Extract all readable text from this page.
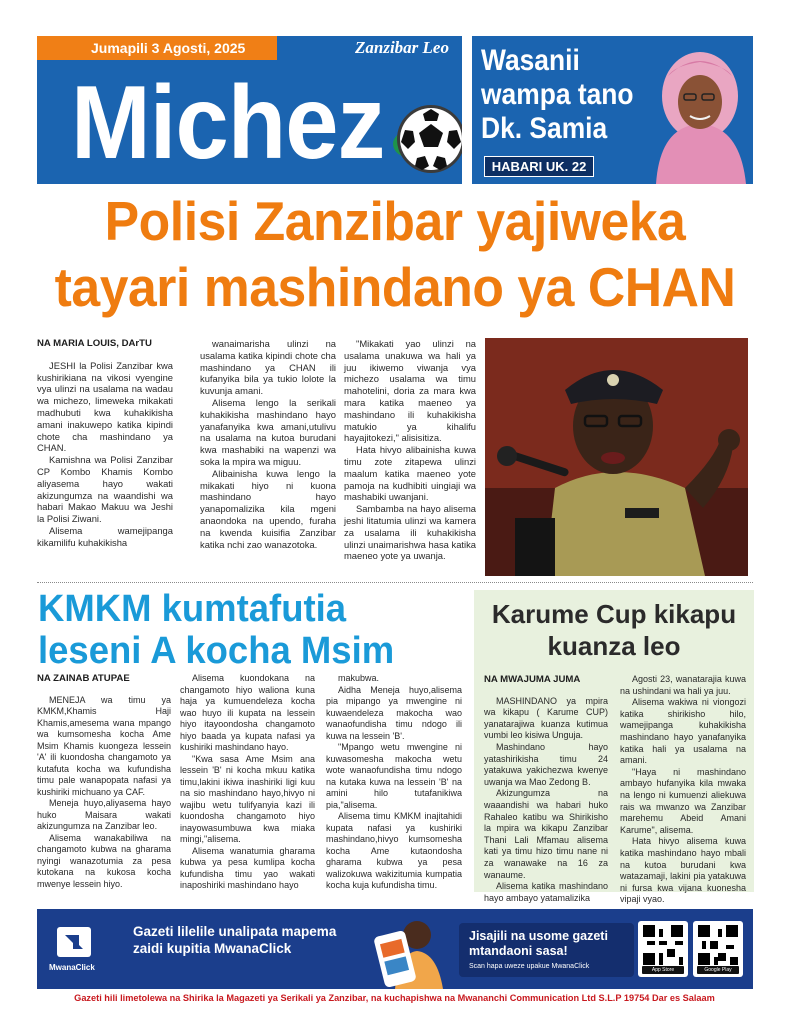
Jumapili 3 Agosti, 2025	Zanzibar Leo
Michez
Wasanii wampa tano Dk. Samia
HABARI UK. 22
Polisi Zanzibar yajiweka tayari mashindano ya CHAN

NA MARIA LOUIS, DArTU

JESHI la Polisi Zanzibar kwa kushirikiana na vikosi vyengine vya ulinzi na usalama na wadau wa michezo, limeweka mikakati madhubuti kwa kuhakikisha amani inakuwepo katika kipindi chote cha mashindano ya CHAN.

Kamishna wa Polisi Zanzibar CP Kombo Khamis Kombo aliyasema hayo wakati akizungumza na waandishi wa habari Makao Makuu wa Jeshi la Polisi Ziwani.

Alisema wamejipanga kikamilifu kuhakikisha

wanaimarisha ulinzi na usalama katika kipindi chote cha mashindano ya CHAN ili kufanyika bila ya tukio lolote la kuvunja amani.

Alisema lengo la serikali kuhakikisha mashindano hayo yanafanyika kwa amani,utulivu na usalama na kutoa burudani kwa mashabiki na wapenzi wa soka la mpira wa miguu.

Alibainisha kuwa lengo la mikakati hiyo ni kuona mashindano hayo yanapomalizika kila mgeni anaondoka na upendo, furaha na kwenda kuisifia Zanzibar katika nchi zao wanazotoka.

"Mikakati yao ulinzi na usalama unakuwa wa hali ya juu ikiwemo viwanja vya michezo usalama wa timu mahotelini, doria za mara kwa mara katika maeneo ya mashindano ili kuhakikisha matukio ya kihalifu hayajitokezi," alisisitiza.

Hata hivyo alibainisha kuwa timu zote zitapewa ulinzi maalum katika maeneo yote pamoja na kudhibiti uingiaji wa mashabiki uwanjani.

Sambamba na hayo alisema jeshi litatumia ulinzi wa kamera za usalama ili kuhakikisha ulinzi unaimarishwa hasa katika maeneo yote ya uwanja.

KMKM kumtafutia leseni A kocha Msim

NA ZAINAB ATUPAE

MENEJA wa timu ya KMKM,Khamis Haji Khamis,amesema wana mpango wa kumsomesha kocha Ame Msim Khamis kuongeza lessein 'A' ili kuondosha changamoto ya kutafuta kocha wa kufundisha timu pale wanapopata nafasi ya kushiriki michuano ya CAF.

Meneja huyo,aliyasema hayo huko Maisara wakati akizungumza na Zanzibar leo.

Alisema wanakabiliwa na changamoto kubwa na gharama nyingi wanazotumia za pesa kutokana na kukosa kocha mwenye lessein hiyo.

Alisema kuondokana na changamoto hiyo waliona kuna haja ya kumuendeleza kocha wao huyo ili kupata na lessein hiyo itayoondosha changamoto hiyo baada ya kupata nafasi ya kushiriki mashindano hayo.

"Kwa sasa Ame Msim ana lessein 'B' ni kocha mkuu katika timu,lakini ikiwa inashiriki ligi kuu na sio mashindano hayo,hivyo ni wajibu wetu tulifyanyia kazi ili kuondosha changamoto hiyo inayowasumbuwa kwa miaka mingi,"alisema.

Alisema wanatumia gharama kubwa ya pesa kumlipa kocha kufundisha timu yao wakati inaposhiriki mashindano hayo

makubwa.

Aidha Meneja huyo,alisema pia mipango ya mwengine ni kuwaendeleza makocha wao wanaofundisha timu ndogo ili kuwa na lessein 'B'.

"Mpango wetu mwengine ni kuwasomesha makocha wetu wote wanaofundisha timu ndogo na kutaka kuwa na lessein 'B' na amini hilo tutafanikiwa pia,"alisema.

Alisema timu KMKM inajitahidi kupata nafasi ya kushiriki mashindano,hivyo kumsomesha kocha Ame kutaondosha gharama kubwa ya pesa walizokuwa wakizitumia kumpatia kocha kuja kufundisha timu.

Karume Cup kikapu kuanza leo

NA MWAJUMA JUMA

MASHINDANO ya mpira wa kikapu ( Karume CUP) yanatarajiwa kuanza kutimua vumbi leo kisiwa Unguja.

Mashindano hayo yatashirikisha timu 24 yatakuwa yakichezwa kwenye uwanja wa Mao Zedong B.

Akizungumza na waaandishi wa habari huko Rahaleo katibu wa Shirikisho la mpira wa kikapu Zanzibar Thani Lali Mfamau alisema kati ya timu hizo timu nane ni za wanawake na 16 za wanaume.

Alisema katika mashindano hayo ambayo yatamalizika

Agosti 23, wanatarajia kuwa na ushindani wa hali ya juu.

Alisema wakiwa ni viongozi katika shirikisho hilo, wamejipanga kuhakikisha mashindano hayo yanafanyika katika hali ya usalama na amani.

"Haya ni mashindano ambayo hufanyika kila mwaka na lengo ni kumuenzi aliekuwa rais wa mwanzo wa Zanzibar marehemu Abeid Amani Karume", alisema.

Hata hivyo alisema kuwa katika mashindano hayo mbali na kutoa burudani kwa watazamaji, lakini pia yatakuwa ni fursa kwa vijana kuonesha vipaji vyao.

MwanaClick
Gazeti lilelile unalipata mapema zaidi kupitia MwanaClick
Jisajili na usome gazeti mtandaoni sasa!
Scan hapa uweze upakue MwanaClick	App Store	Google Play
Gazeti hili limetolewa na Shirika la Magazeti ya Serikali ya Zanzibar, na kuchapishwa na Mwananchi Communication Ltd S.L.P 19754 Dar es Salaam
